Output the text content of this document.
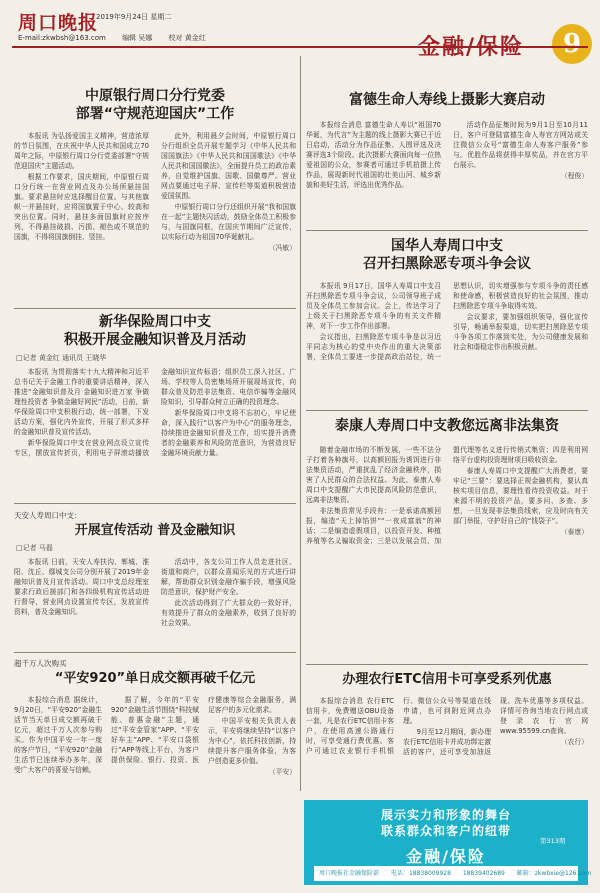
周口晚报
2019年9月24日 星期二
E-mail:zkwbsh@163.com 编辑 吴娜 校对 黄金红	金融/保险	9
中原银行周口分行党委
部署“守规范迎国庆”工作

本报讯 为弘扬爱国主义精神，营造浓厚的节日氛围，在庆祝中华人民共和国成立70周年之际，中原银行周口分行党委部署“守规范迎国庆”主题活动。

根据工作要求，国庆期间，中原银行周口分行统一在营业网点及办公场所悬挂国旗。要求悬挂时应选择醒目位置。与其他旗帜一并悬挂时，应将国旗置于中心、较高和突出位置。同时，悬挂多面国旗时应按序列，不得悬挂破损、污损、褪色或不规范的国旗，不得将国旗倒挂、竖挂。

此外，利用晨夕会时间，中原银行周口分行组织全员开展专题学习《中华人民共和国国旗法》《中华人民共和国国歌法》《中华人民共和国国徽法》，全面提升员工的政治素养，自觉维护国旗、国歌、国徽尊严。营业网点要通过电子屏、宣传栏等渠道积极营造爱国氛围。

中原银行周口分行还组织开展“我和国旗在一起”主题快闪活动，鼓励全体员工积极参与，与国旗同框，在国庆节期间广泛宣传，以实际行动为祖国70华诞献礼。

（冯敏）
富德生命人寿线上摄影大赛启动

本报综合消息 富德生命人寿以“祖国70华诞，为代言”为主题的线上摄影大赛已于近日启动，活动分为作品征集、人围评选及决赛评选3个阶段。此次摄影大赛面向每一位热爱祖国的公众，参赛者可通过手机拍摄上传作品，展现新时代祖国的壮美山河、城乡新貌和美好生活，评选出优秀作品。

活动作品征集时间为9月1日至10月11日，客户可登陆富德生命人寿官方网站或关注微信公众号“富德生命人寿客户服务”参与。优胜作品将获得丰厚奖品，并在官方平台展示。

（程俊）
国华人寿周口中支
召开扫黑除恶专项斗争会议

本报讯 9月17日，国华人寿周口中支召开扫黑除恶专项斗争会议，公司领导班子成员及全体员工参加会议。会上，传达学习了上级关于扫黑除恶专项斗争的有关文件精神，对下一步工作作出部署。

会议指出，扫黑除恶专项斗争是以习近平同志为核心的党中央作出的重大决策部署，全体员工要进一步提高政治站位，统一思想认识，切实增强参与专项斗争的责任感和使命感，积极营造良好的社会氛围，推动扫黑除恶专项斗争取得实效。

会议要求，要加强组织领导，强化宣传引导，畅通举报渠道，切实把扫黑除恶专项斗争各项工作落到实处，为公司健康发展和社会和谐稳定作出积极贡献。

新华保险周口中支
积极开展金融知识普及月活动
□记者 黄金红 通讯员 王晓华

本报讯 为贯彻落实十九大精神和习近平总书记关于金融工作的重要讲话精神，深入推进“金融知识普及月 金融知识进万家 争做理性投资者 争做金融好网民”活动，日前，新华保险周口中支积极行动，统一部署，下发活动方案，强化内外宣传，开展了形式多样的金融知识普及宣传活动。

新华保险周口中支在营业网点设立宣传专区，摆放宣传折页，利用电子屏滚动播放金融知识宣传标语；组织员工深入社区、广场、学校等人员密集场所开展现场宣传，向群众普及防范非法集资、电信诈骗等金融风险知识，引导群众树立正确的投资理念。

新华保险周口中支将不忘初心，牢记使命，深入践行“以客户为中心”的服务理念，持续推进金融知识普及工作，切实提升消费者的金融素养和风险防范意识，为营造良好金融环境贡献力量。

泰康人寿周口中支教您远离非法集资

随着金融市场的不断发展，一些不法分子打着各种旗号，以高额回报为诱饵进行非法集资活动，严重扰乱了经济金融秩序，损害了人民群众的合法权益。为此，泰康人寿周口中支提醒广大市民提高风险防范意识，远离非法集资。

非法集资常见手段有：一是承诺高额回报，编造“天上掉馅饼”“一夜成富翁”的神话；二是编造虚假项目，以投资开发、种植养殖等名义骗取资金；三是以发展会员、加盟代理等名义进行传销式集资；四是利用网络平台虚构投资理财项目吸收资金。

泰康人寿周口中支提醒广大消费者，要牢记“三要”：要选择正规金融机构，要认真核实项目信息，要理性看待投资收益。对于来源不明的投资产品，要多问、多查、多想，一旦发现非法集资线索，应及时向有关部门举报，守护好自己的“钱袋子”。

（泰康）
天安人寿周口中支：
开展宣传活动 普及金融知识
□记者 马磊

本报讯 日前，天安人寿扶沟、郸城、淮阳、沈丘、鄢城支公司分别开展了2019年金融知识普及月宣传活动。周口中支总经理室要求行政后援部门和各四级机构宣传活动进行督导，营业网点设置宣传专区，发放宣传资料，普及金融知识。

活动中，各支公司工作人员走进社区、街道和商户，以群众喜闻乐见的方式进行讲解，帮助群众识别金融诈骗手段，增强风险防范意识，保护财产安全。

此次活动得到了广大群众的一致好评，有效提升了群众的金融素养，收到了良好的社会效果。

超千万人次购买
“平安920”单日成交额再破千亿元

本报综合消息 据统计，9月20日，“平安920”金融生活节当天单日成交额再破千亿元，超过千万人次参与购买。作为中国平安一年一度的客户节日，“平安920”金融生活节已连续举办多年，深受广大客户的喜爱与信赖。

据了解，今年的“平安920”金融生活节围绕“科技赋能、普惠金融”主题，通过“平安金管家”APP、“平安好车主”APP、“平安口袋银行”APP等线上平台，为客户提供保险、银行、投资、医疗健康等综合金融服务，满足客户的多元化需求。

中国平安相关负责人表示，平安将继续坚持“以客户为中心”，依托科技创新，持续提升客户服务体验，为客户创造更多价值。

（平安）
办理农行ETC信用卡可享受系列优惠

本报综合消息 农行ETC信用卡，免费赠送OBU设备一套，凡是农行ETC信用卡客户，在使用高速公路通行时，可享受通行费优惠。客户可通过农业银行手机银行、微信公众号等渠道在线申请，也可到附近网点办理。

9月至12月期间，新办理农行ETC信用卡并成功绑定激活的客户，还可享受加油返现、洗车优惠等多项权益。详情可咨询当地农行网点或登录农行官网www.95599.cn查询。

（农行）
展示实力和形象的舞台
联系群众和客户的纽带
第313期
金融/保险
周口晚报社金融保险部 电话：18838009928 18839402689 邮箱：zkwbxie@126.com
